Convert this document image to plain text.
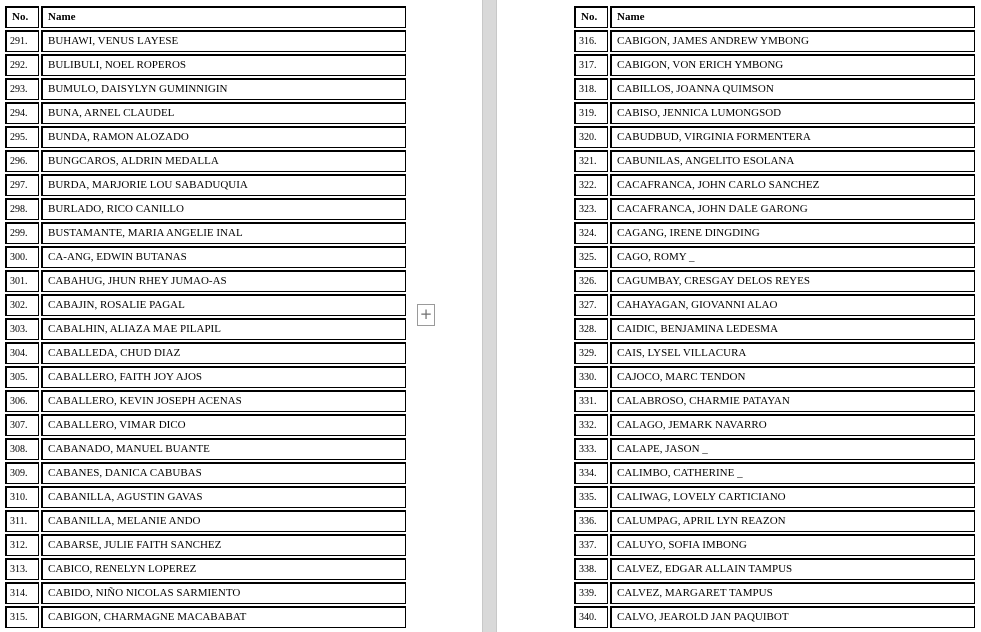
No.	Name
291.	BUHAWI, VENUS LAYESE
292.	BULIBULI, NOEL ROPEROS
293.	BUMULO, DAISYLYN GUMINNIGIN
294.	BUNA, ARNEL CLAUDEL
295.	BUNDA, RAMON ALOZADO
296.	BUNGCAROS, ALDRIN MEDALLA
297.	BURDA, MARJORIE LOU SABADUQUIA
298.	BURLADO, RICO CANILLO
299.	BUSTAMANTE, MARIA ANGELIE INAL
300.	CA-ANG, EDWIN BUTANAS
301.	CABAHUG, JHUN RHEY JUMAO-AS
302.	CABAJIN, ROSALIE PAGAL
303.	CABALHIN, ALIAZA MAE PILAPIL
304.	CABALLEDA, CHUD DIAZ
305.	CABALLERO, FAITH JOY AJOS
306.	CABALLERO, KEVIN JOSEPH ACENAS
307.	CABALLERO, VIMAR DICO
308.	CABANADO, MANUEL BUANTE
309.	CABANES, DANICA CABUBAS
310.	CABANILLA, AGUSTIN GAVAS
311.	CABANILLA, MELANIE ANDO
312.	CABARSE, JULIE FAITH SANCHEZ
313.	CABICO, RENELYN LOPEREZ
314.	CABIDO, NIÑO NICOLAS SARMIENTO
315.	CABIGON, CHARMAGNE MACABABAT
+
No.	Name
316.	CABIGON, JAMES ANDREW YMBONG
317.	CABIGON, VON ERICH YMBONG
318.	CABILLOS, JOANNA QUIMSON
319.	CABISO, JENNICA LUMONGSOD
320.	CABUDBUD, VIRGINIA FORMENTERA
321.	CABUNILAS, ANGELITO ESOLANA
322.	CACAFRANCA, JOHN CARLO SANCHEZ
323.	CACAFRANCA, JOHN DALE GARONG
324.	CAGANG, IRENE DINGDING
325.	CAGO, ROMY _
326.	CAGUMBAY, CRESGAY DELOS REYES
327.	CAHAYAGAN, GIOVANNI ALAO
328.	CAIDIC, BENJAMINA LEDESMA
329.	CAIS, LYSEL VILLACURA
330.	CAJOCO, MARC TENDON
331.	CALABROSO, CHARMIE PATAYAN
332.	CALAGO, JEMARK NAVARRO
333.	CALAPE, JASON _
334.	CALIMBO, CATHERINE _
335.	CALIWAG, LOVELY CARTICIANO
336.	CALUMPAG, APRIL LYN REAZON
337.	CALUYO, SOFIA IMBONG
338.	CALVEZ, EDGAR ALLAIN TAMPUS
339.	CALVEZ, MARGARET TAMPUS
340.	CALVO, JEAROLD JAN PAQUIBOT
